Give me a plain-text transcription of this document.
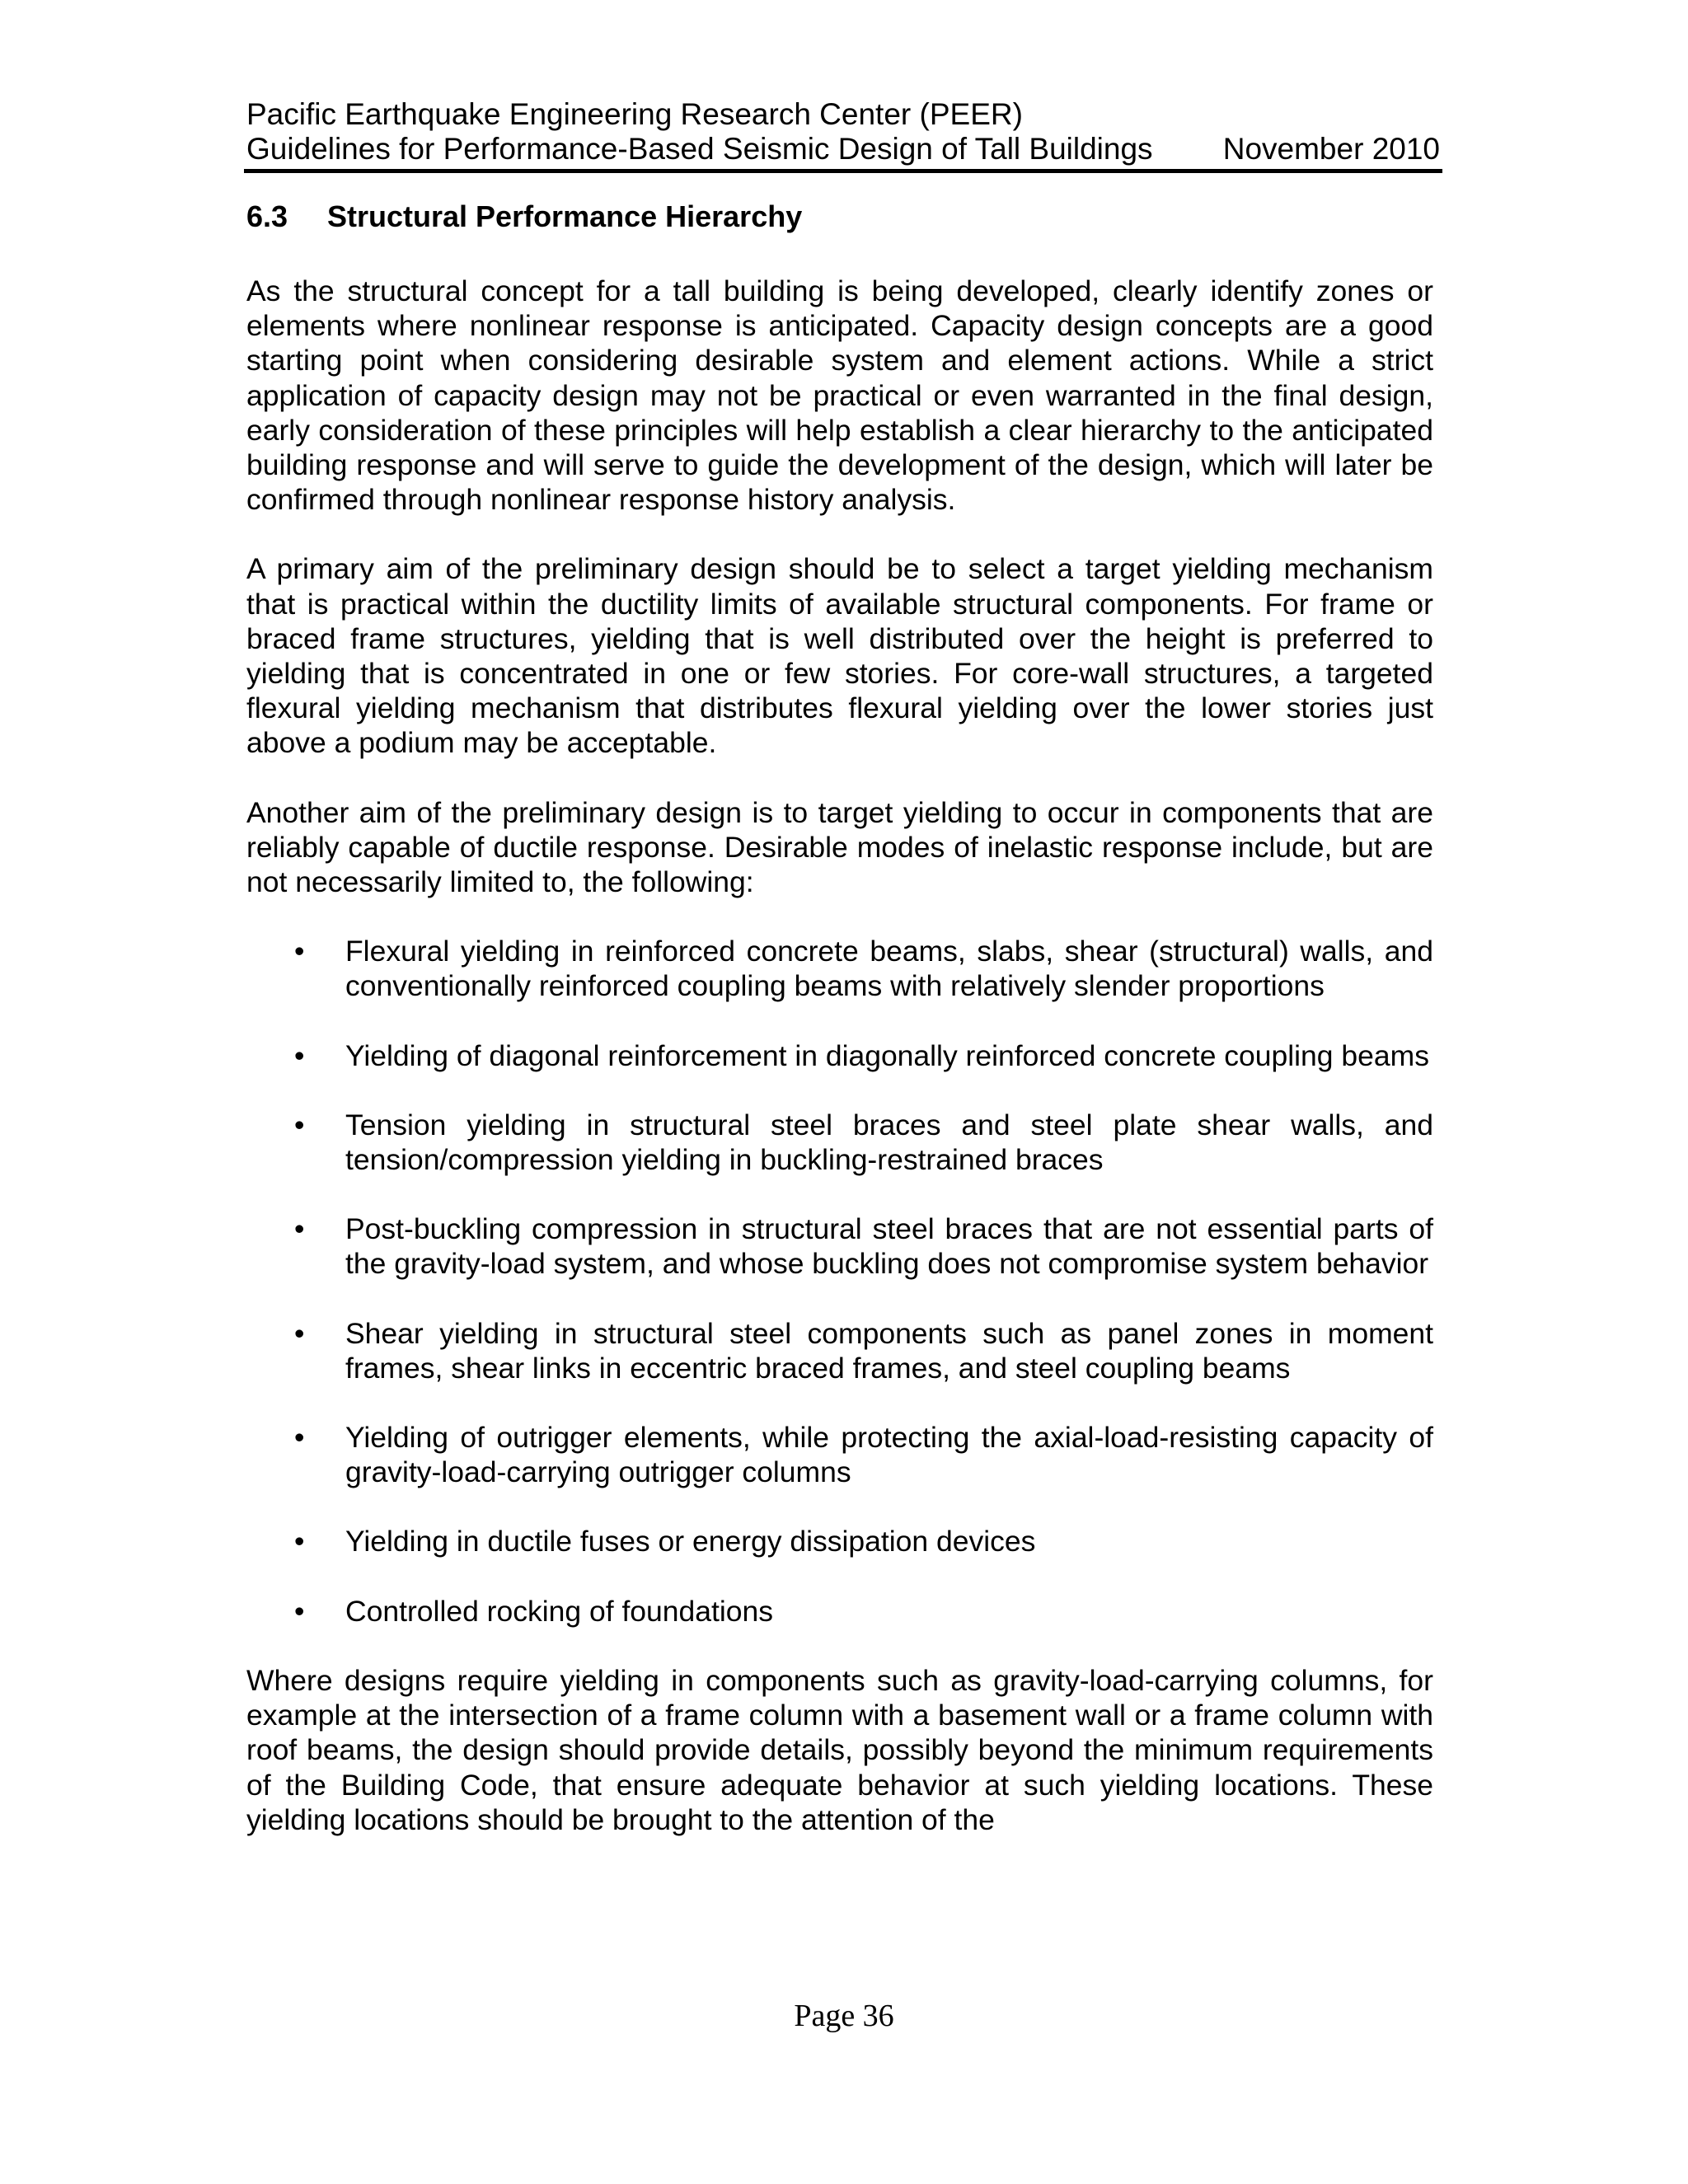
Pacific Earthquake Engineering Research Center (PEER)
Guidelines for Performance-Based Seismic Design of Tall Buildings November 2010
6.3 Structural Performance Hierarchy

As the structural concept for a tall building is being developed, clearly identify zones or elements where nonlinear response is anticipated. Capacity design concepts are a good starting point when considering desirable system and element actions. While a strict application of capacity design may not be practical or even warranted in the final design, early consideration of these principles will help establish a clear hierarchy to the anticipated building response and will serve to guide the development of the design, which will later be confirmed through nonlinear response history analysis.

A primary aim of the preliminary design should be to select a target yielding mechanism that is practical within the ductility limits of available structural components. For frame or braced frame structures, yielding that is well distributed over the height is preferred to yielding that is concentrated in one or few stories. For core-wall structures, a targeted flexural yielding mechanism that distributes flexural yielding over the lower stories just above a podium may be acceptable.

Another aim of the preliminary design is to target yielding to occur in components that are reliably capable of ductile response. Desirable modes of inelastic response include, but are not necessarily limited to, the following:

•	Flexural yielding in reinforced concrete beams, slabs, shear (structural) walls, and conventionally reinforced coupling beams with relatively slender proportions
•	Yielding of diagonal reinforcement in diagonally reinforced concrete coupling beams
•	Tension yielding in structural steel braces and steel plate shear walls, and tension/compression yielding in buckling-restrained braces
•	Post-buckling compression in structural steel braces that are not essential parts of the gravity-load system, and whose buckling does not compromise system behavior
•	Shear yielding in structural steel components such as panel zones in moment frames, shear links in eccentric braced frames, and steel coupling beams
•	Yielding of outrigger elements, while protecting the axial-load-resisting capacity of gravity-load-carrying outrigger columns
•	Yielding in ductile fuses or energy dissipation devices
•	Controlled rocking of foundations

Where designs require yielding in components such as gravity-load-carrying columns, for example at the intersection of a frame column with a basement wall or a frame column with roof beams, the design should provide details, possibly beyond the minimum requirements of the Building Code, that ensure adequate behavior at such yielding locations. These yielding locations should be brought to the attention of the

Page 36
